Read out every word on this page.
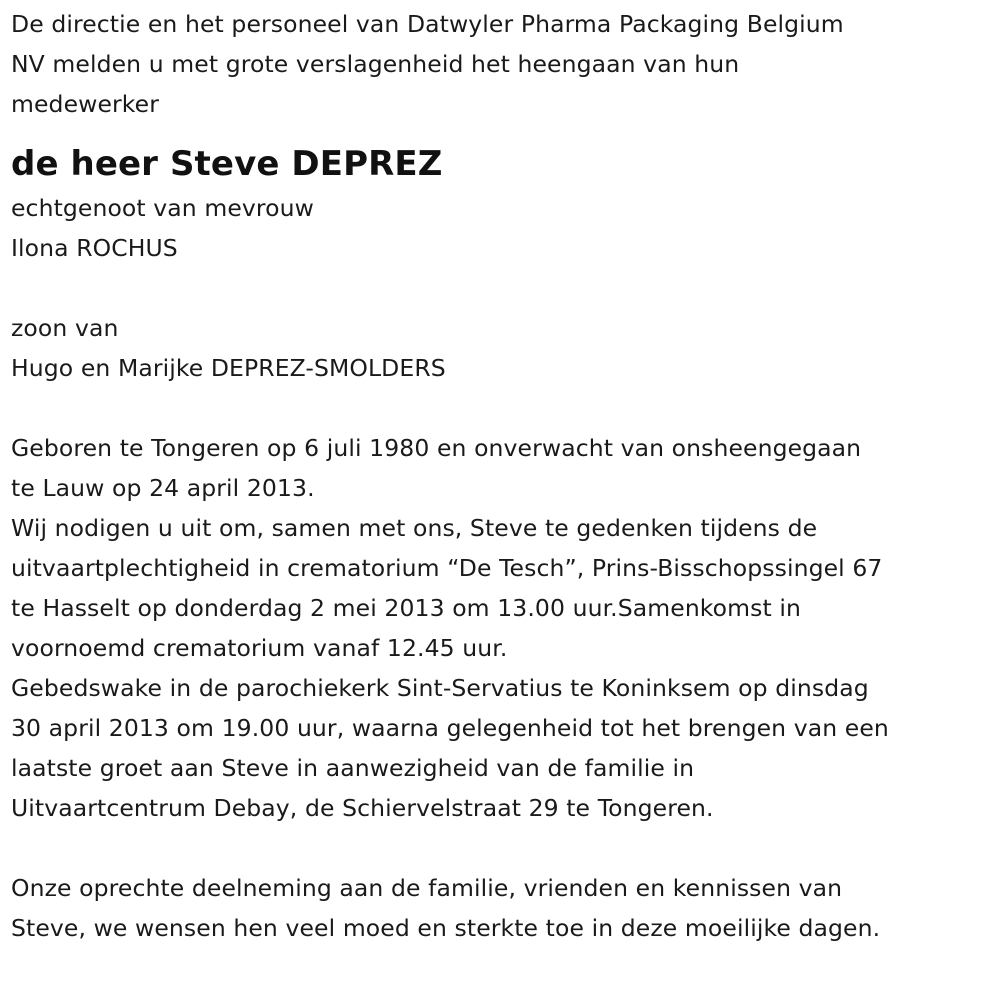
De directie en het personeel van Datwyler Pharma Packaging Belgium
NV melden u met grote verslagenheid het heengaan van hun
medewerker
de heer Steve DEPREZ
echtgenoot van mevrouw
Ilona ROCHUS
zoon van
Hugo en Marijke DEPREZ-SMOLDERS
Geboren te Tongeren op 6 juli 1980 en onverwacht van onsheengegaan
te Lauw op 24 april 2013.
Wij nodigen u uit om, samen met ons, Steve te gedenken tijdens de
uitvaartplechtigheid in crematorium “De Tesch”, Prins-Bisschopssingel 67
te Hasselt op donderdag 2 mei 2013 om 13.00 uur.Samenkomst in
voornoemd crematorium vanaf 12.45 uur.
Gebedswake in de parochiekerk Sint-Servatius te Koninksem op dinsdag
30 april 2013 om 19.00 uur, waarna gelegenheid tot het brengen van een
laatste groet aan Steve in aanwezigheid van de familie in
Uitvaartcentrum Debay, de Schiervelstraat 29 te Tongeren.
Onze oprechte deelneming aan de familie, vrienden en kennissen van
Steve, we wensen hen veel moed en sterkte toe in deze moeilijke dagen.
